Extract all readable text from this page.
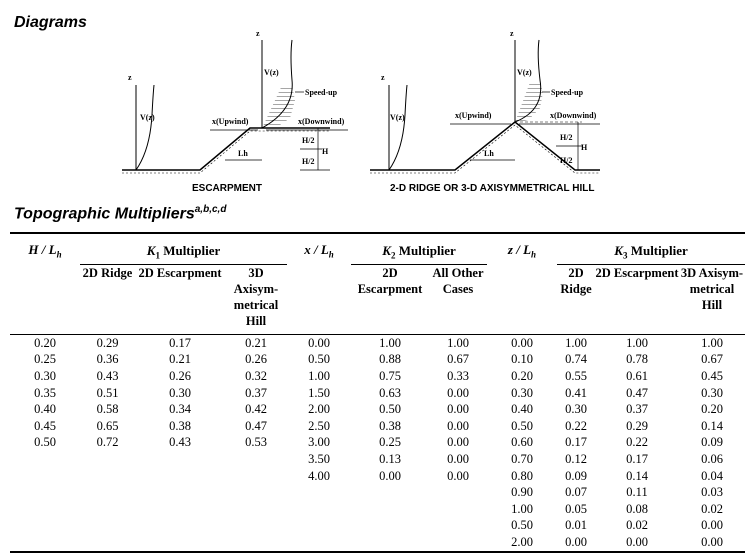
Diagrams
z
V(z)
z
V(z)
Speed-up
x(Upwind)	x(Downwind)
Lh
H/2
H/2
H
ESCARPMENT
z
V(z)
z
V(z)
Speed-up
x(Upwind)	x(Downwind)
Lh
H/2
H/2
H
2-D RIDGE OR 3-D AXISYMMETRICAL HILL
Topographic Multipliers$^{a,b,c,d}$
H / $L_h$	$K_1$ Multiplier			x / $L_h$	$K_2$ Multiplier		z / $L_h$	$K_3$ Multiplier		
	2D Ridge	2D Escarpment	3D Axisym-metrical Hill		2D Escarpment	All Other Cases		2D Ridge	2D Escarpment	3D Axisym-metrical Hill
0.20	0.29	0.17	0.21	0.00	1.00	1.00	0.00	1.00	1.00	1.00
0.25	0.36	0.21	0.26	0.50	0.88	0.67	0.10	0.74	0.78	0.67
0.30	0.43	0.26	0.32	1.00	0.75	0.33	0.20	0.55	0.61	0.45
0.35	0.51	0.30	0.37	1.50	0.63	0.00	0.30	0.41	0.47	0.30
0.40	0.58	0.34	0.42	2.00	0.50	0.00	0.40	0.30	0.37	0.20
0.45	0.65	0.38	0.47	2.50	0.38	0.00	0.50	0.22	0.29	0.14
0.50	0.72	0.43	0.53	3.00	0.25	0.00	0.60	0.17	0.22	0.09
				3.50	0.13	0.00	0.70	0.12	0.17	0.06
				4.00	0.00	0.00	0.80	0.09	0.14	0.04
							0.90	0.07	0.11	0.03
							1.00	0.05	0.08	0.02
							0.50	0.01	0.02	0.00
							2.00	0.00	0.00	0.00
